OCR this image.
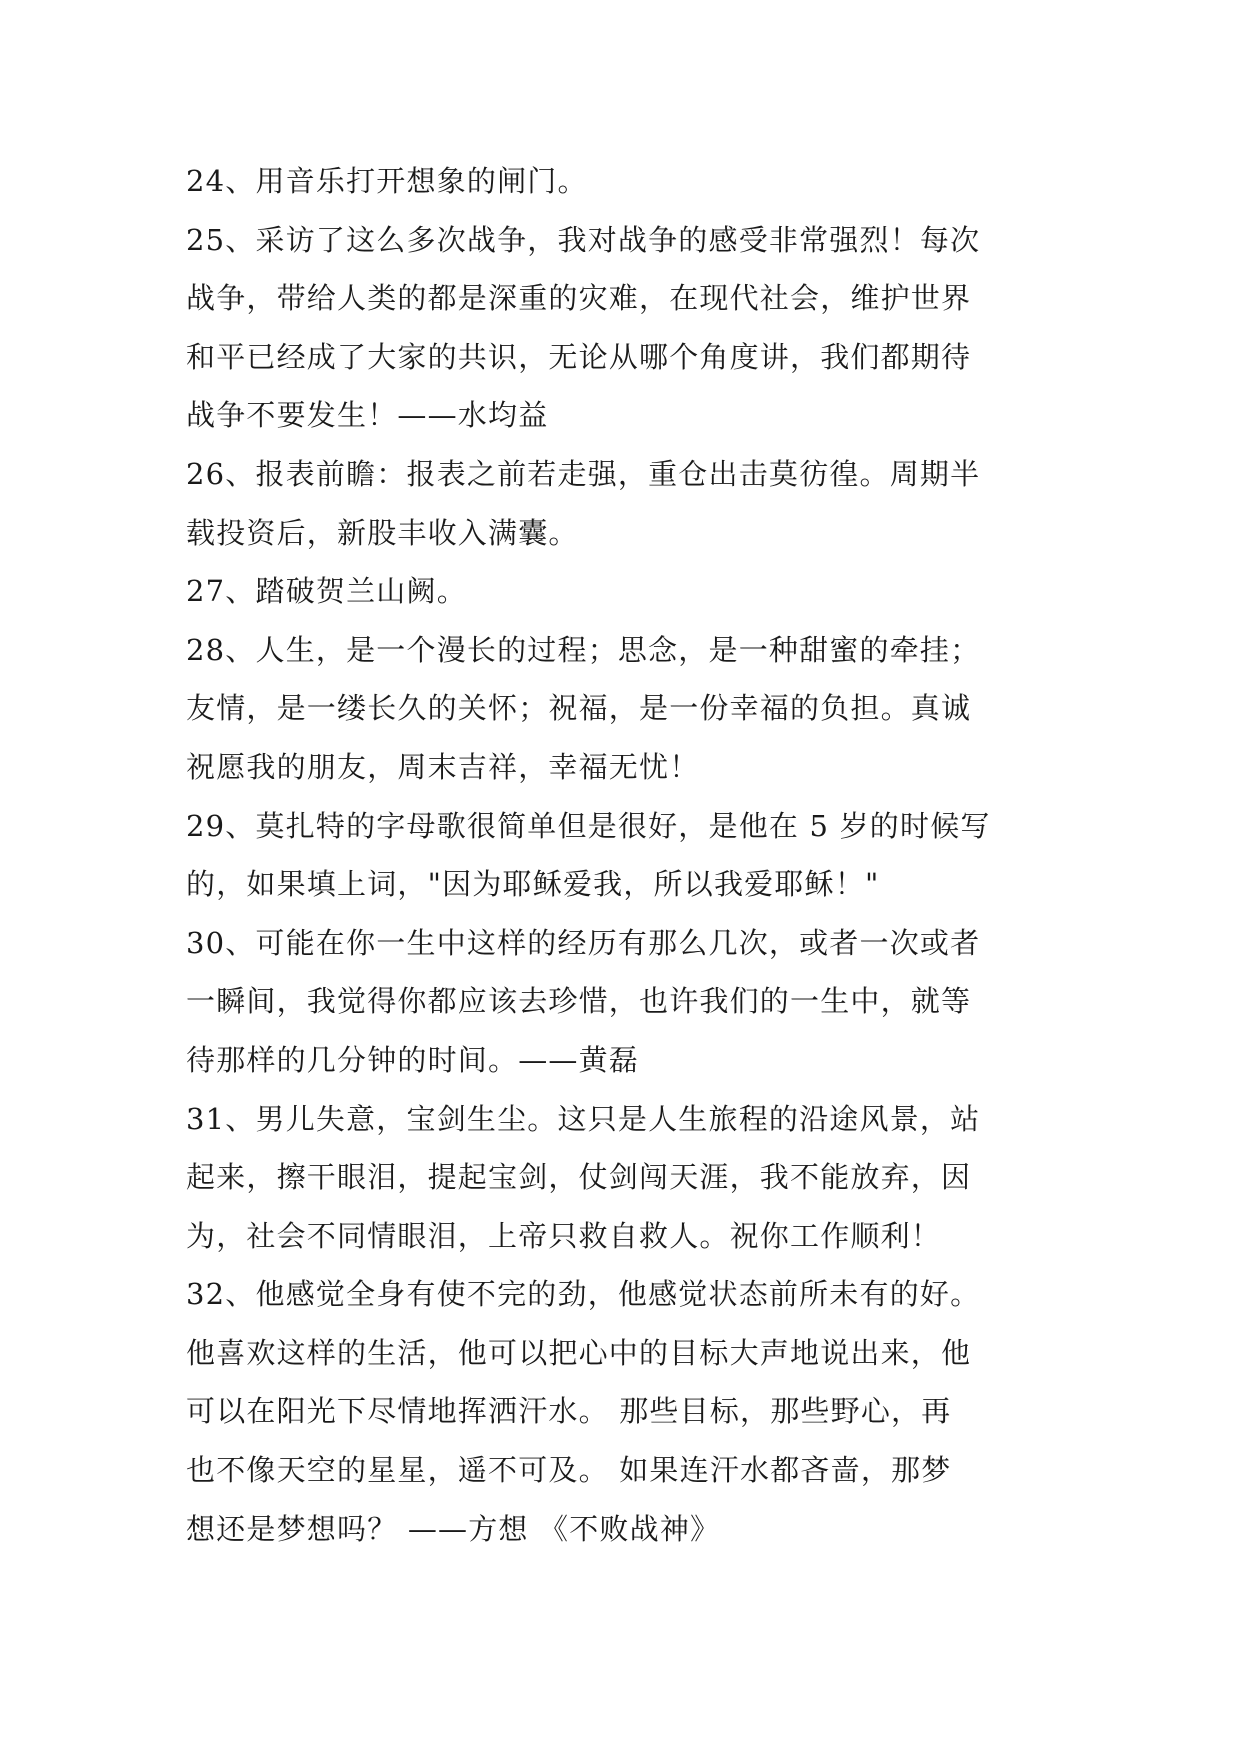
24、用音乐打开想象的闸门。
25、采访了这么多次战争，我对战争的感受非常强烈！每次
战争，带给人类的都是深重的灾难，在现代社会，维护世界
和平已经成了大家的共识，无论从哪个角度讲，我们都期待
战争不要发生！——水均益
26、报表前瞻：报表之前若走强，重仓出击莫彷徨。周期半
载投资后，新股丰收入满囊。
27、踏破贺兰山阙。
28、人生，是一个漫长的过程；思念，是一种甜蜜的牵挂；
友情，是一缕长久的关怀；祝福，是一份幸福的负担。真诚
祝愿我的朋友，周末吉祥，幸福无忧！
29、莫扎特的字母歌很简单但是很好，是他在 5 岁的时候写
的，如果填上词，"因为耶稣爱我，所以我爱耶稣！"
30、可能在你一生中这样的经历有那么几次，或者一次或者
一瞬间，我觉得你都应该去珍惜，也许我们的一生中，就等
待那样的几分钟的时间。——黄磊
31、男儿失意，宝剑生尘。这只是人生旅程的沿途风景，站
起来，擦干眼泪，提起宝剑，仗剑闯天涯，我不能放弃，因
为，社会不同情眼泪，上帝只救自救人。祝你工作顺利！
32、他感觉全身有使不完的劲，他感觉状态前所未有的好。
他喜欢这样的生活，他可以把心中的目标大声地说出来，他
可以在阳光下尽情地挥洒汗水。 那些目标，那些野心，再
也不像天空的星星，遥不可及。 如果连汗水都吝啬，那梦
想还是梦想吗？ ——方想 《不败战神》
